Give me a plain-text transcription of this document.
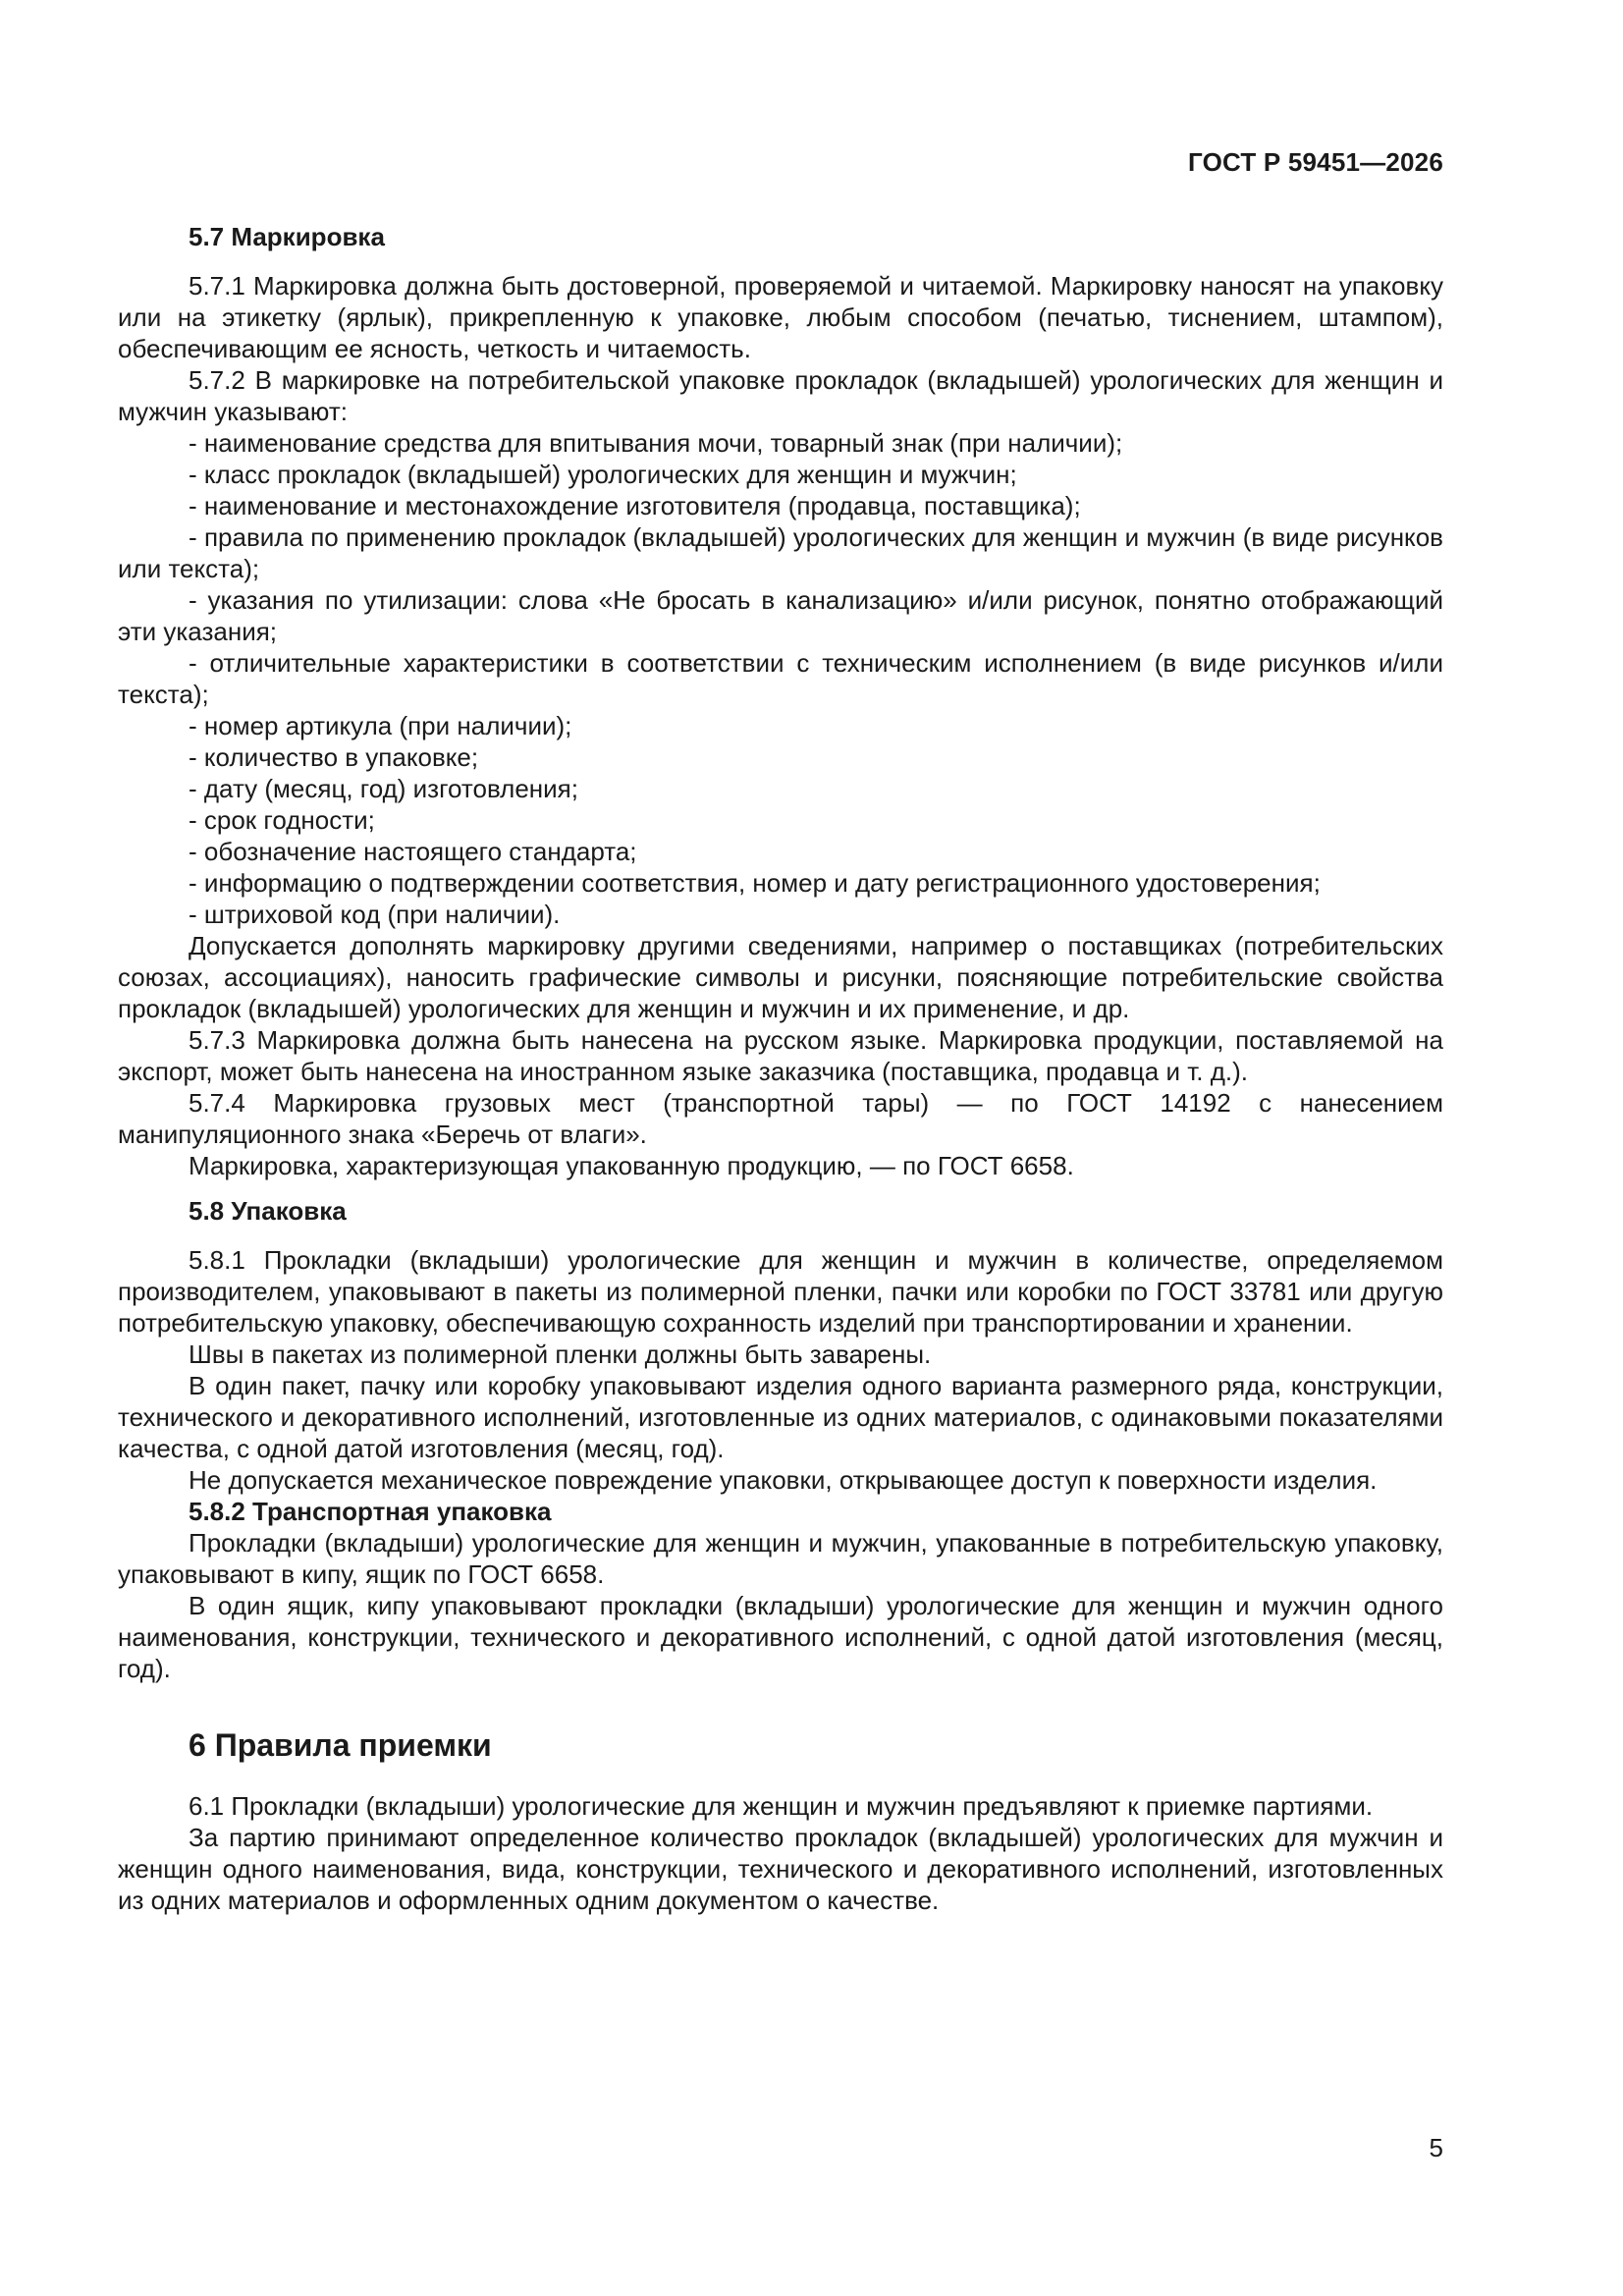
ГОСТ Р 59451—2026
5.7 Маркировка

5.7.1 Маркировка должна быть достоверной, проверяемой и читаемой. Маркировку наносят на упаковку или на этикетку (ярлык), прикрепленную к упаковке, любым способом (печатью, тиснением, штампом), обеспечивающим ее ясность, четкость и читаемость.

5.7.2 В маркировке на потребительской упаковке прокладок (вкладышей) урологических для женщин и мужчин указывают:

- наименование средства для впитывания мочи, товарный знак (при наличии);

- класс прокладок (вкладышей) урологических для женщин и мужчин;

- наименование и местонахождение изготовителя (продавца, поставщика);

- правила по применению прокладок (вкладышей) урологических для женщин и мужчин (в виде рисунков или текста);

- указания по утилизации: слова «Не бросать в канализацию» и/или рисунок, понятно отображающий эти указания;

- отличительные характеристики в соответствии с техническим исполнением (в виде рисунков и/или текста);

- номер артикула (при наличии);

- количество в упаковке;

- дату (месяц, год) изготовления;

- срок годности;

- обозначение настоящего стандарта;

- информацию о подтверждении соответствия, номер и дату регистрационного удостоверения;

- штриховой код (при наличии).

Допускается дополнять маркировку другими сведениями, например о поставщиках (потребительских союзах, ассоциациях), наносить графические символы и рисунки, поясняющие потребительские свойства прокладок (вкладышей) урологических для женщин и мужчин и их применение, и др.

5.7.3 Маркировка должна быть нанесена на русском языке. Маркировка продукции, поставляемой на экспорт, может быть нанесена на иностранном языке заказчика (поставщика, продавца и т. д.).

5.7.4 Маркировка грузовых мест (транспортной тары) — по ГОСТ 14192 с нанесением манипуляционного знака «Беречь от влаги».

Маркировка, характеризующая упакованную продукцию, — по ГОСТ 6658.

5.8 Упаковка

5.8.1 Прокладки (вкладыши) урологические для женщин и мужчин в количестве, определяемом производителем, упаковывают в пакеты из полимерной пленки, пачки или коробки по ГОСТ 33781 или другую потребительскую упаковку, обеспечивающую сохранность изделий при транспортировании и хранении.

Швы в пакетах из полимерной пленки должны быть заварены.

В один пакет, пачку или коробку упаковывают изделия одного варианта размерного ряда, конструкции, технического и декоративного исполнений, изготовленные из одних материалов, с одинаковыми показателями качества, с одной датой изготовления (месяц, год).

Не допускается механическое повреждение упаковки, открывающее доступ к поверхности изделия.

5.8.2 Транспортная упаковка

Прокладки (вкладыши) урологические для женщин и мужчин, упакованные в потребительскую упаковку, упаковывают в кипу, ящик по ГОСТ 6658.

В один ящик, кипу упаковывают прокладки (вкладыши) урологические для женщин и мужчин одного наименования, конструкции, технического и декоративного исполнений, с одной датой изготовления (месяц, год).

6 Правила приемки

6.1 Прокладки (вкладыши) урологические для женщин и мужчин предъявляют к приемке партиями.

За партию принимают определенное количество прокладок (вкладышей) урологических для мужчин и женщин одного наименования, вида, конструкции, технического и декоративного исполнений, изготовленных из одних материалов и оформленных одним документом о качестве.

5
